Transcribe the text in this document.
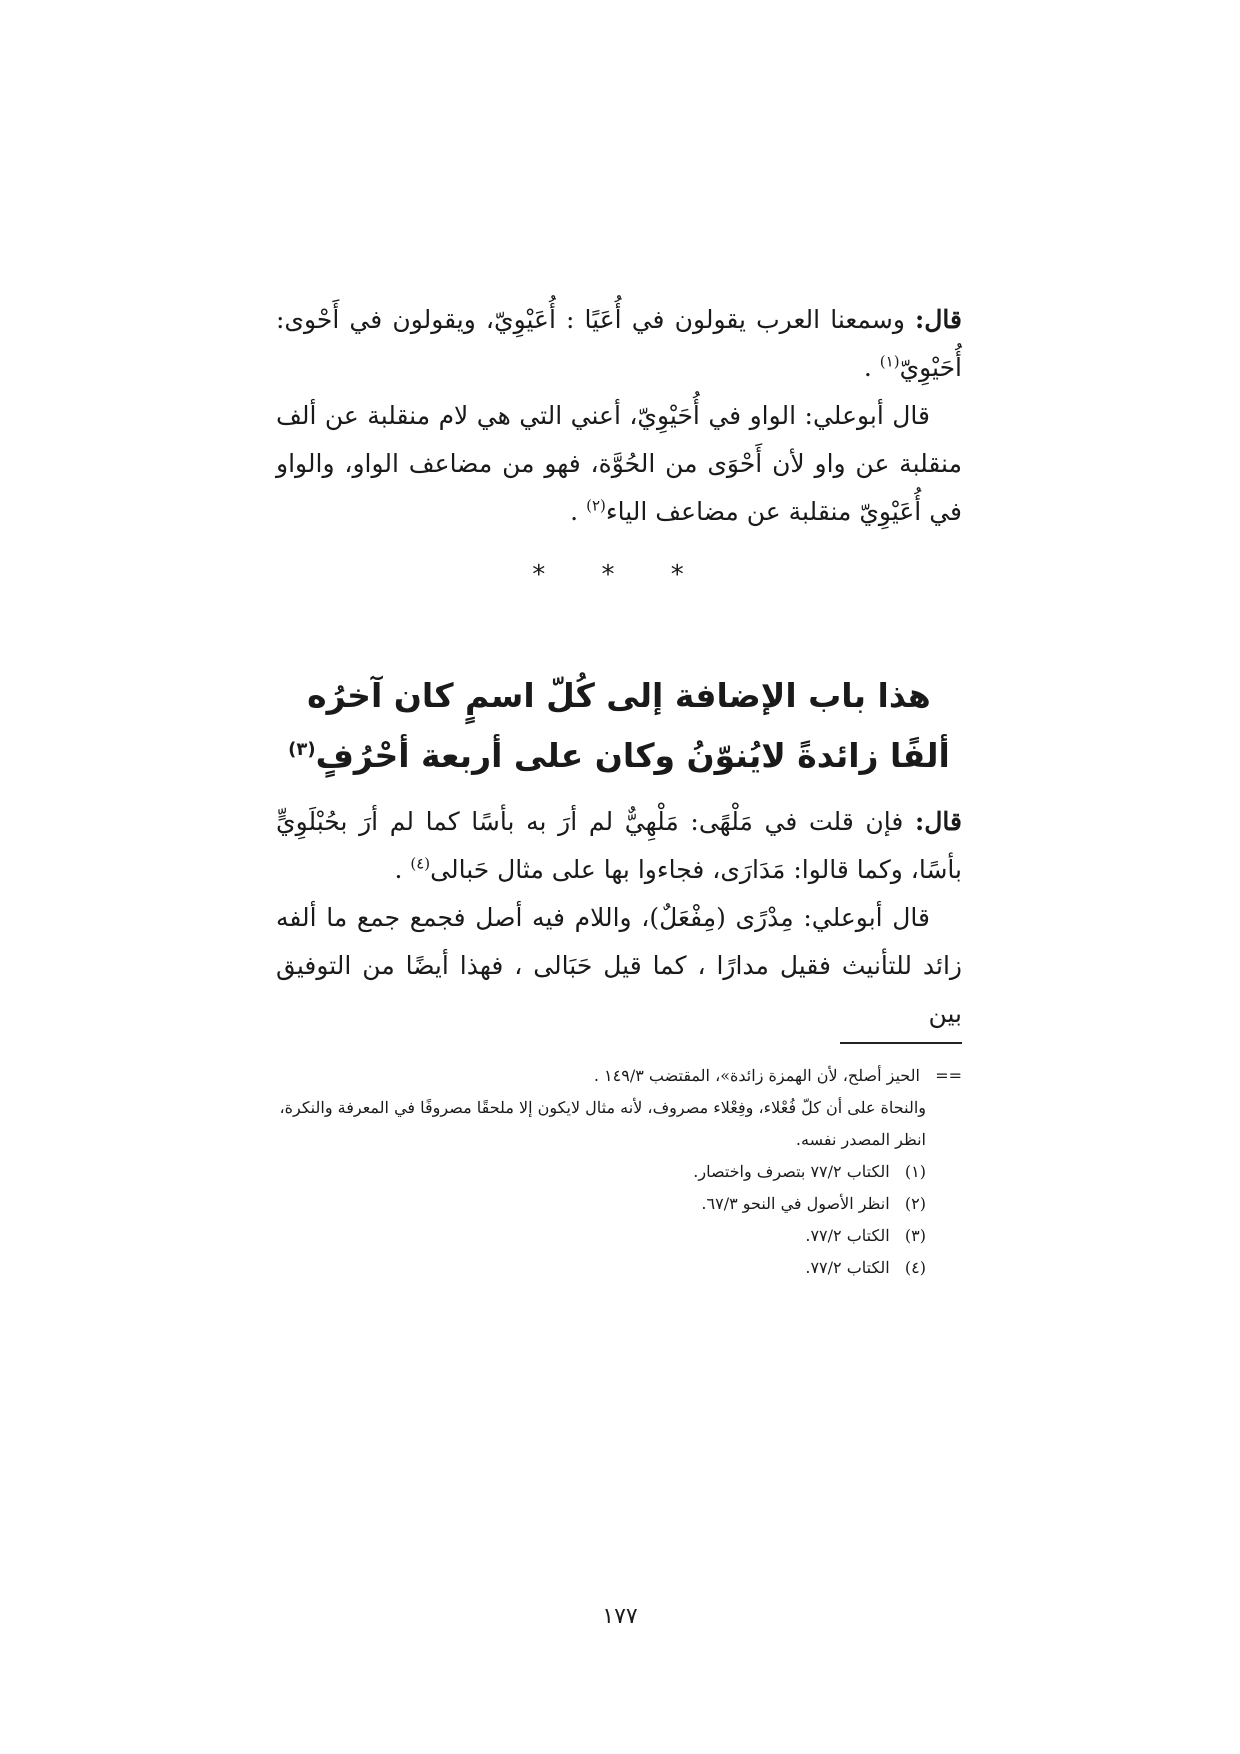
قال: وسمعنا العرب يقولون في أُعَيًا : أُعَيْوِيّ، ويقولون في أَحْوى: أُحَيْوِيّ$^{(١)}$ .

قال أبوعلي: الواو في أُحَيْوِيّ، أعني التي هي لام منقلبة عن ألف منقلبة عن واو لأن أَحْوَى من الحُوَّة، فهو من مضاعف الواو، والواو في أُعَيْوِيّ منقلبة عن مضاعف الياء$^{(٢)}$ .

* * *
هذا باب الإضافة إلى كُلّ اسمٍ كان آخرُه
ألفًا زائدةً لايُنوّنُ وكان على أربعة أحْرُفٍ$^{(٣)}$

قال: فإن قلت في مَلْهًى: مَلْهِيٌّ لم أرَ به بأسًا كما لم أرَ بحُبْلَوِيٍّ بأسًا، وكما قالوا: مَدَارَى، فجاءوا بها على مثال حَبالى$^{(٤)}$ .

قال أبوعلي: مِدْرًى (مِفْعَلٌ)، واللام فيه أصل فجمع جمع ما ألفه زائد للتأنيث فقيل مدارًا ، كما قيل حَبَالى ، فهذا أيضًا من التوفيق بين

==   الحيز أصلح، لأن الهمزة زائدة»، المقتضب ١٤٩/٣ .

والنحاة على أن كلّ فُعْلاء، وفِعْلاء مصروف، لأنه مثال لايكون إلا ملحقًا مصروفًا في المعرفة والنكرة، انظر المصدر نفسه.

(١)   الكتاب ٧٧/٢ بتصرف واختصار.

(٢)   انظر الأصول في النحو ٦٧/٣.

(٣)   الكتاب ٧٧/٢.

(٤)   الكتاب ٧٧/٢.

١٧٧
